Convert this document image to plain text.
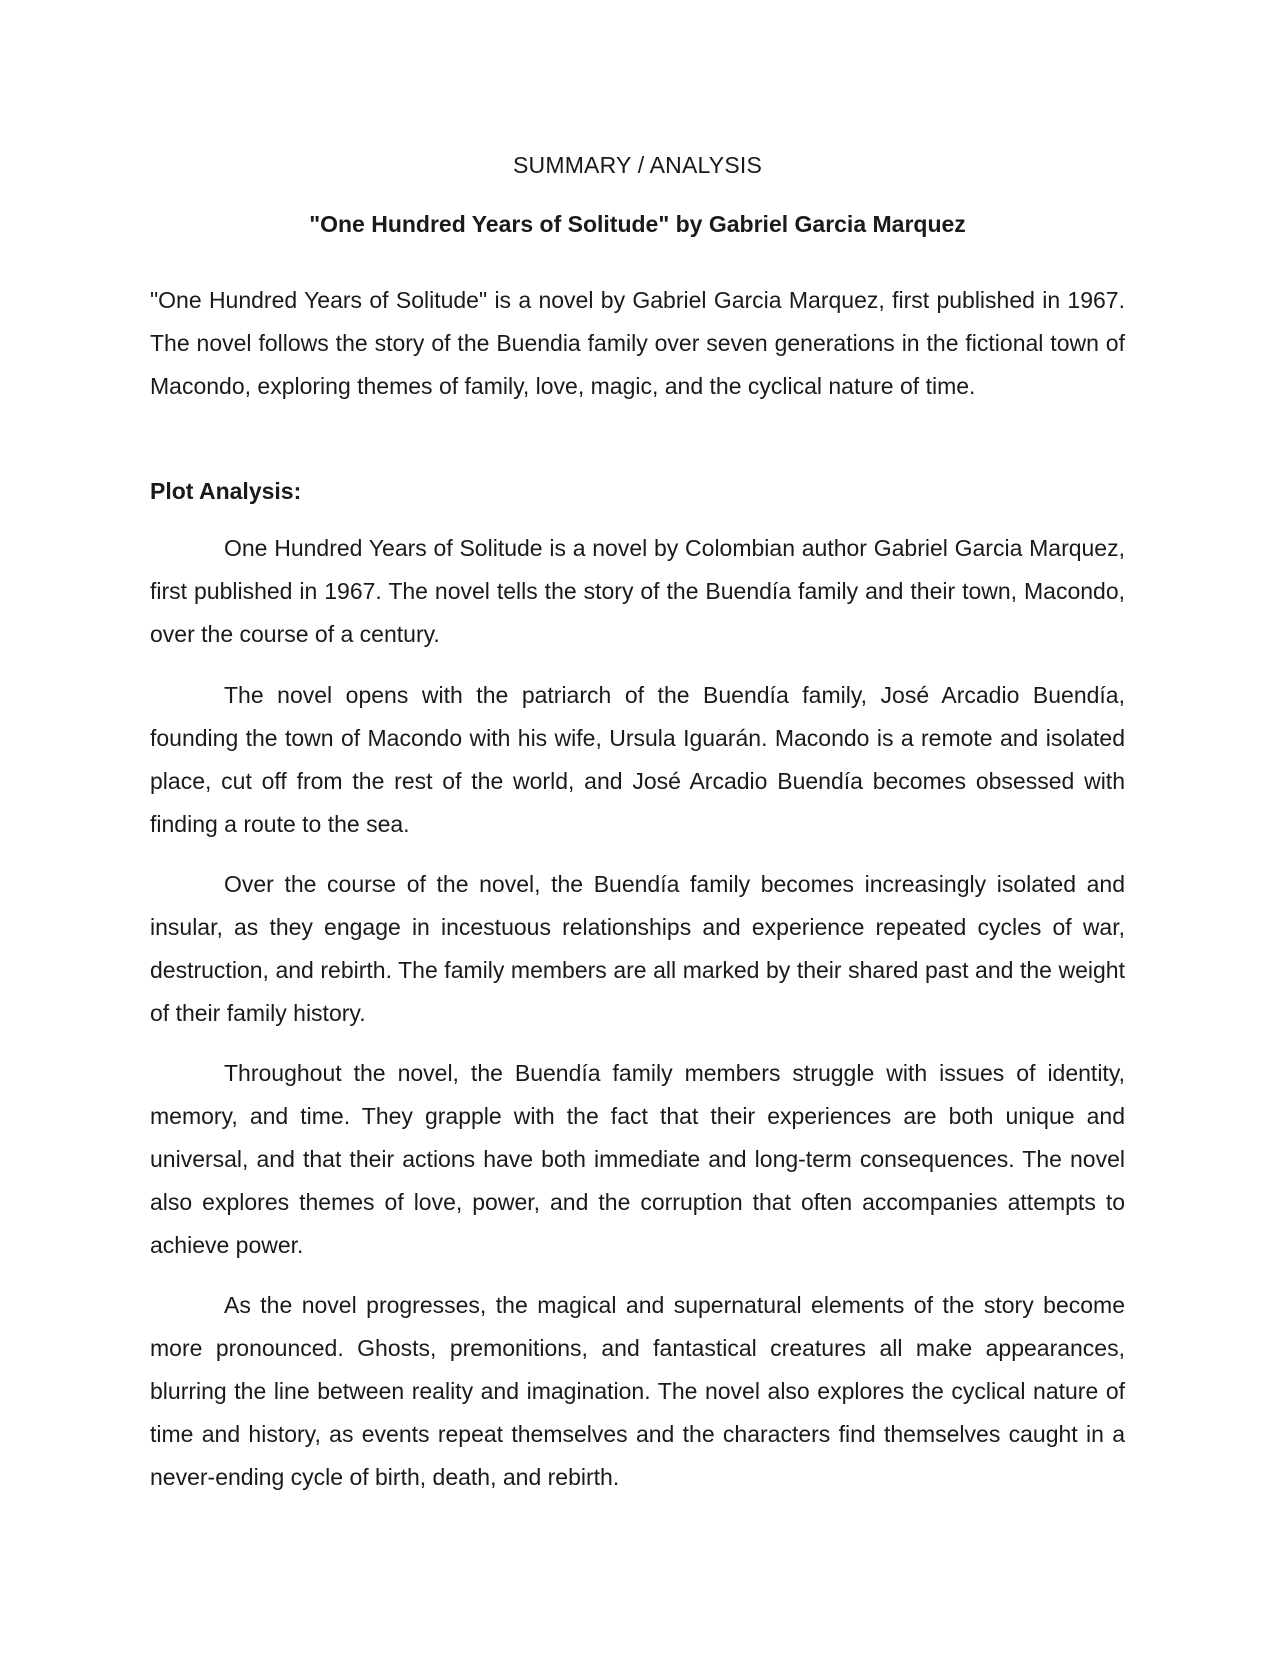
SUMMARY / ANALYSIS

"One Hundred Years of Solitude" by Gabriel Garcia Marquez

"One Hundred Years of Solitude" is a novel by Gabriel Garcia Marquez, first published in 1967. The novel follows the story of the Buendia family over seven generations in the fictional town of Macondo, exploring themes of family, love, magic, and the cyclical nature of time.

Plot Analysis:

One Hundred Years of Solitude is a novel by Colombian author Gabriel Garcia Marquez, first published in 1967. The novel tells the story of the Buendía family and their town, Macondo, over the course of a century.

The novel opens with the patriarch of the Buendía family, José Arcadio Buendía, founding the town of Macondo with his wife, Ursula Iguarán. Macondo is a remote and isolated place, cut off from the rest of the world, and José Arcadio Buendía becomes obsessed with finding a route to the sea.

Over the course of the novel, the Buendía family becomes increasingly isolated and insular, as they engage in incestuous relationships and experience repeated cycles of war, destruction, and rebirth. The family members are all marked by their shared past and the weight of their family history.

Throughout the novel, the Buendía family members struggle with issues of identity, memory, and time. They grapple with the fact that their experiences are both unique and universal, and that their actions have both immediate and long-term consequences. The novel also explores themes of love, power, and the corruption that often accompanies attempts to achieve power.

As the novel progresses, the magical and supernatural elements of the story become more pronounced. Ghosts, premonitions, and fantastical creatures all make appearances, blurring the line between reality and imagination. The novel also explores the cyclical nature of time and history, as events repeat themselves and the characters find themselves caught in a never-ending cycle of birth, death, and rebirth.
